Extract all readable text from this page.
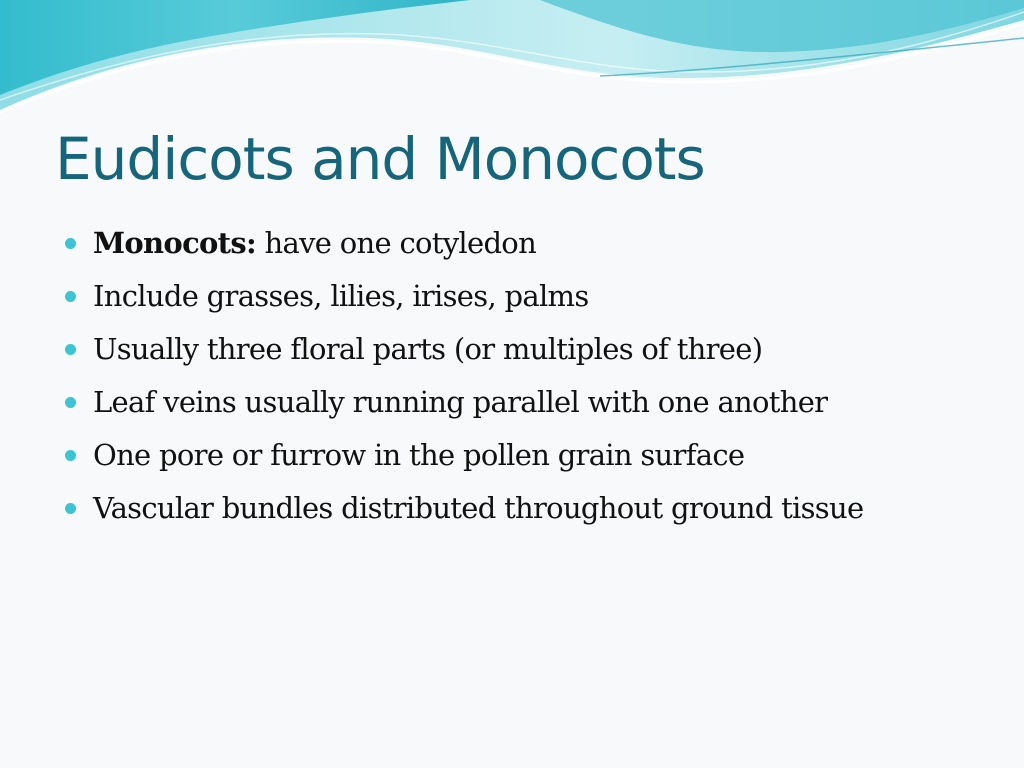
Eudicots and Monocots
Monocots: have one cotyledon
Include grasses, lilies, irises, palms
Usually three floral parts (or multiples of three)
Leaf veins usually running parallel with one another
One pore or furrow in the pollen grain surface
Vascular bundles distributed throughout ground tissue
